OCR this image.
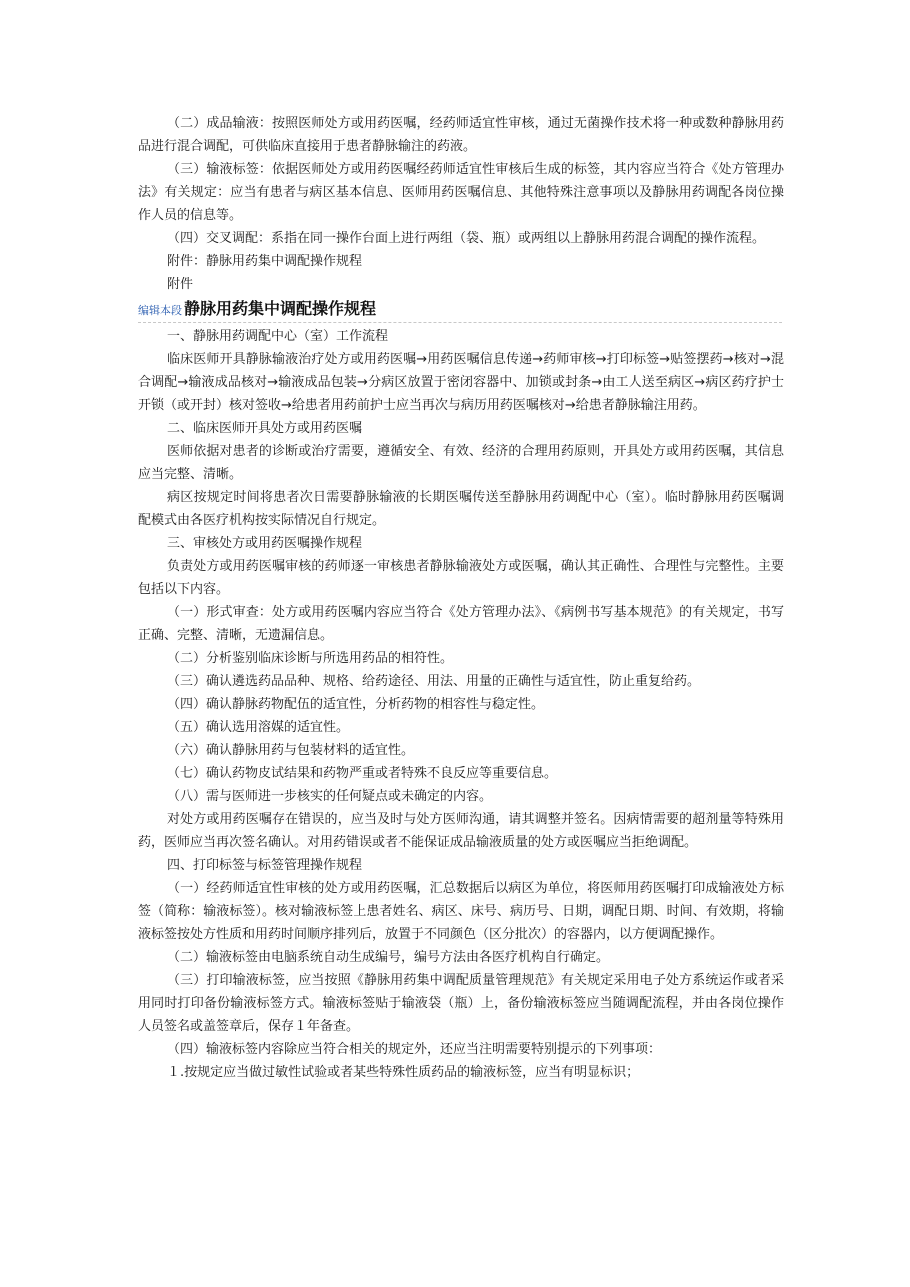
（二）成品输液：按照医师处方或用药医嘱，经药师适宜性审核，通过无菌操作技术将一种或数种静脉用药品进行混合调配，可供临床直接用于患者静脉输注的药液。

（三）输液标签：依据医师处方或用药医嘱经药师适宜性审核后生成的标签，其内容应当符合《处方管理办法》有关规定：应当有患者与病区基本信息、医师用药医嘱信息、其他特殊注意事项以及静脉用药调配各岗位操作人员的信息等。

（四）交叉调配：系指在同一操作台面上进行两组（袋、瓶）或两组以上静脉用药混合调配的操作流程。

附件：静脉用药集中调配操作规程

附件

编辑本段 静脉用药集中调配操作规程

一、静脉用药调配中心（室）工作流程

临床医师开具静脉输液治疗处方或用药医嘱→用药医嘱信息传递→药师审核→打印标签→贴签摆药→核对→混合调配→输液成品核对→输液成品包装→分病区放置于密闭容器中、加锁或封条→由工人送至病区→病区药疗护士开锁（或开封）核对签收→给患者用药前护士应当再次与病历用药医嘱核对→给患者静脉输注用药。

二、临床医师开具处方或用药医嘱

医师依据对患者的诊断或治疗需要，遵循安全、有效、经济的合理用药原则，开具处方或用药医嘱，其信息应当完整、清晰。

病区按规定时间将患者次日需要静脉输液的长期医嘱传送至静脉用药调配中心（室）。临时静脉用药医嘱调配模式由各医疗机构按实际情况自行规定。

三、审核处方或用药医嘱操作规程

负责处方或用药医嘱审核的药师逐一审核患者静脉输液处方或医嘱，确认其正确性、合理性与完整性。主要包括以下内容。

（一）形式审查：处方或用药医嘱内容应当符合《处方管理办法》、《病例书写基本规范》的有关规定，书写正确、完整、清晰，无遗漏信息。

（二）分析鉴别临床诊断与所选用药品的相符性。

（三）确认遴选药品品种、规格、给药途径、用法、用量的正确性与适宜性，防止重复给药。

（四）确认静脉药物配伍的适宜性，分析药物的相容性与稳定性。

（五）确认选用溶媒的适宜性。

（六）确认静脉用药与包装材料的适宜性。

（七）确认药物皮试结果和药物严重或者特殊不良反应等重要信息。

（八）需与医师进一步核实的任何疑点或未确定的内容。

对处方或用药医嘱存在错误的，应当及时与处方医师沟通，请其调整并签名。因病情需要的超剂量等特殊用药，医师应当再次签名确认。对用药错误或者不能保证成品输液质量的处方或医嘱应当拒绝调配。

四、打印标签与标签管理操作规程

（一）经药师适宜性审核的处方或用药医嘱，汇总数据后以病区为单位，将医师用药医嘱打印成输液处方标签（简称：输液标签）。核对输液标签上患者姓名、病区、床号、病历号、日期，调配日期、时间、有效期，将输液标签按处方性质和用药时间顺序排列后，放置于不同颜色（区分批次）的容器内，以方便调配操作。

（二）输液标签由电脑系统自动生成编号，编号方法由各医疗机构自行确定。

（三）打印输液标签，应当按照《静脉用药集中调配质量管理规范》有关规定采用电子处方系统运作或者采用同时打印备份输液标签方式。输液标签贴于输液袋（瓶）上，备份输液标签应当随调配流程，并由各岗位操作人员签名或盖签章后，保存１年备查。

（四）输液标签内容除应当符合相关的规定外，还应当注明需要特别提示的下列事项：

１.按规定应当做过敏性试验或者某些特殊性质药品的输液标签，应当有明显标识；
